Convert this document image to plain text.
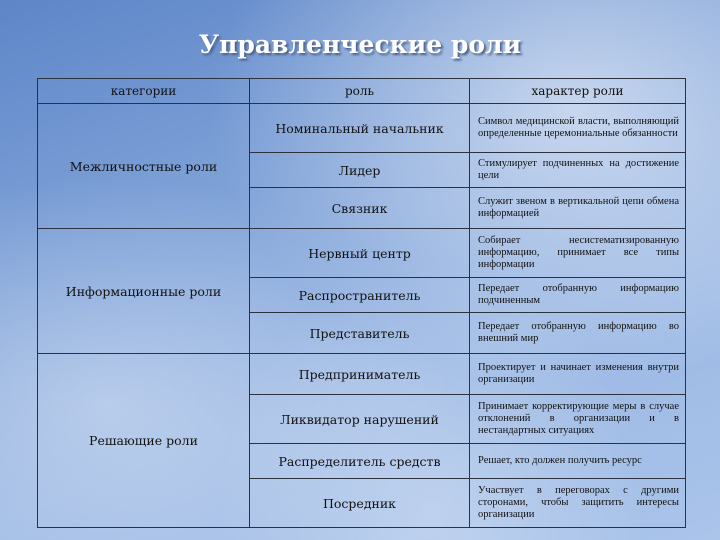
Управленческие роли
категории	роль	характер роли
Межличностные роли	Номинальный начальник	Символ медицинской власти, выполняющий определенные церемониальные обязанности
	Лидер	Стимулирует подчиненных на достижение цели
	Связник	Служит звеном в вертикальной цепи обмена информацией
Информационные роли	Нервный центр	Собирает несистематизированную информацию, принимает все типы информации
	Распространитель	Передает отобранную информацию подчиненным
	Представитель	Передает отобранную информацию во внешний мир
Решающие роли	Предприниматель	Проектирует и начинает изменения внутри организации
	Ликвидатор нарушений	Принимает корректирующие меры в случае отклонений в организации и в нестандартных ситуациях
	Распределитель средств	Решает, кто должен получить ресурс
	Посредник	Участвует в переговорах с другими сторонами, чтобы защитить интересы организации
